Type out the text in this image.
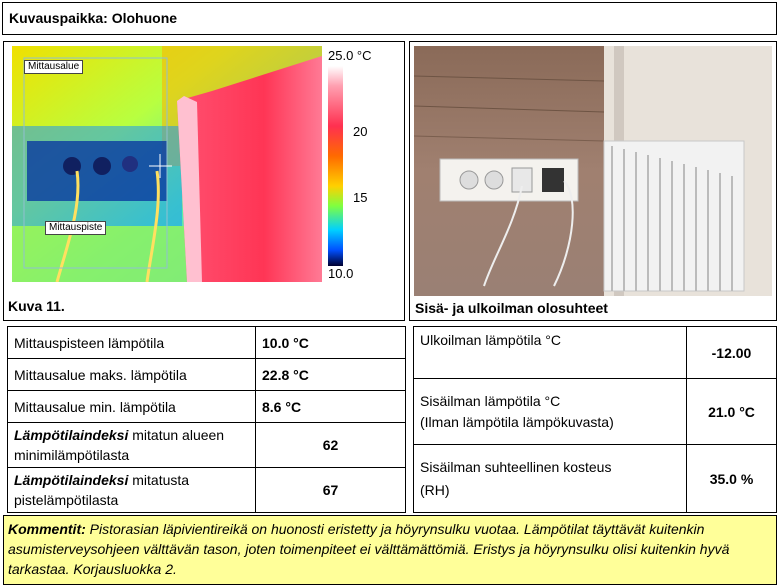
Kuvauspaikka: Olohuone
Mittausalue
Mittauspiste
25.0 °C
20
15
10.0
Kuva 11.	Sisä- ja ulkoilman olosuhteet
Mittauspisteen lämpötila	10.0 °C
Mittausalue maks. lämpötila	22.8 °C
Mittausalue min. lämpötila	8.6 °C
Lämpötilaindeksi mitatun alueen minimilämpötilasta	62
Lämpötilaindeksi mitatusta pistelämpötilasta	67
Ulkoilman lämpötila °C	-12.00
Sisäilman lämpötila °C
(Ilman lämpötila lämpökuvasta)	21.0 °C
Sisäilman suhteellinen kosteus
(RH)	35.0 %
Kommentit: Pistorasian läpivientireikä on huonosti eristetty ja höyrynsulku vuotaa. Lämpötilat täyttävät kuitenkin asumisterveysohjeen välttävän tason, joten toimenpiteet ei välttämättömiä. Eristys ja höyrynsulku olisi kuitenkin hyvä tarkastaa. Korjausluokka 2.
